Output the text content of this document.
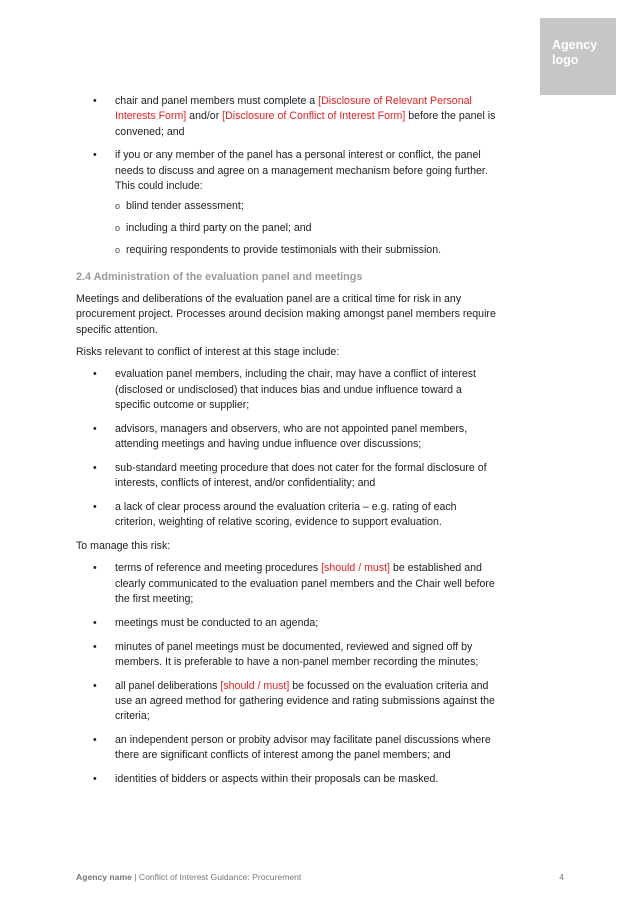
Agency
logo
• chair and panel members must complete a [Disclosure of Relevant Personal Interests Form] and/or [Disclosure of Conflict of Interest Form] before the panel is convened; and
• if you or any member of the panel has a personal interest or conflict, the panel needs to discuss and agree on a management mechanism before going further. This could include:
o blind tender assessment;
o including a third party on the panel; and
o requiring respondents to provide testimonials with their submission.
2.4 Administration of the evaluation panel and meetings

Meetings and deliberations of the evaluation panel are a critical time for risk in any procurement project. Processes around decision making amongst panel members require specific attention.

Risks relevant to conflict of interest at this stage include:

• evaluation panel members, including the chair, may have a conflict of interest (disclosed or undisclosed) that induces bias and undue influence toward a specific outcome or supplier;
• advisors, managers and observers, who are not appointed panel members, attending meetings and having undue influence over discussions;
• sub-standard meeting procedure that does not cater for the formal disclosure of interests, conflicts of interest, and/or confidentiality; and
• a lack of clear process around the evaluation criteria – e.g. rating of each criterion, weighting of relative scoring, evidence to support evaluation.

To manage this risk:

• terms of reference and meeting procedures [should / must] be established and clearly communicated to the evaluation panel members and the Chair well before the first meeting;
• meetings must be conducted to an agenda;
• minutes of panel meetings must be documented, reviewed and signed off by members. It is preferable to have a non-panel member recording the minutes;
• all panel deliberations [should / must] be focussed on the evaluation criteria and use an agreed method for gathering evidence and rating submissions against the criteria;
• an independent person or probity advisor may facilitate panel discussions where there are significant conflicts of interest among the panel members; and
• identities of bidders or aspects within their proposals can be masked.
Agency name | Conflict of Interest Guidance: Procurement	4
